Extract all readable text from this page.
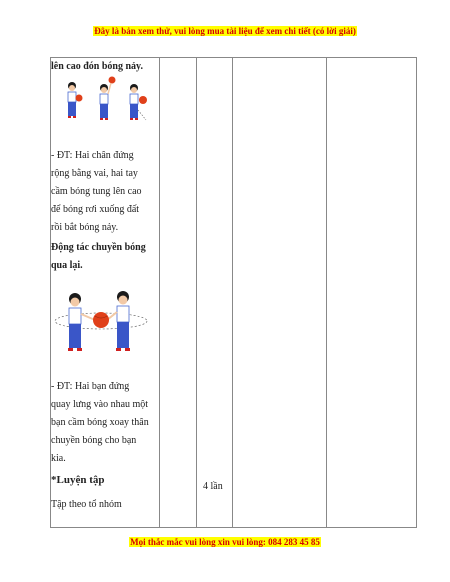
Đây là bản xem thử, vui lòng mua tài liệu để xem chi tiết (có lời giải)
lên cao đón bóng nảy.
- ĐT: Hai chân đứng rộng bằng vai, hai tay cầm bóng tung lên cao để bóng rơi xuống đất rồi bắt bóng nảy.
Động tác chuyền bóng qua lại.
- ĐT: Hai bạn đứng quay lưng vào nhau một bạn cầm bóng xoay thân chuyền bóng cho bạn kia.
*Luyện tập
Tập theo tổ nhóm
4 lần
Mọi thắc mắc vui lòng xin vui lòng: 084 283 45 85
